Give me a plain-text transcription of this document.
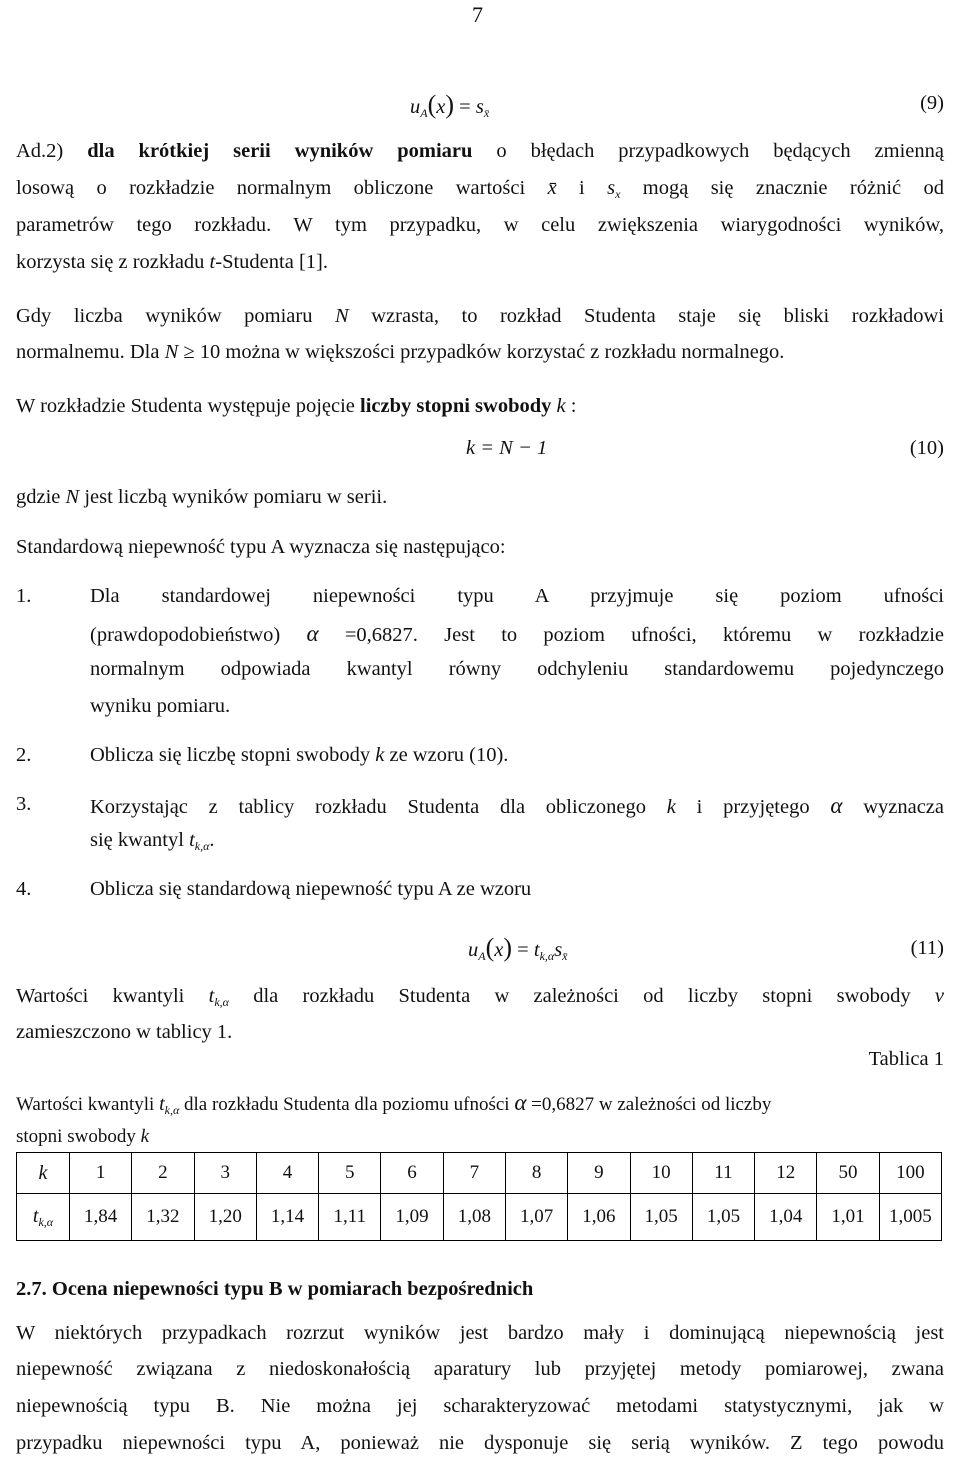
7
$u_A(x) = s_{x̄}$	(9)
Ad.2) dla krótkiej serii wyników pomiaru o błędach przypadkowych będących zmienną
losową o rozkładzie normalnym obliczone wartości x̄ i $s_x$ mogą się znacznie różnić od
parametrów tego rozkładu. W tym przypadku, w celu zwiększenia wiarygodności wyników,
korzysta się z rozkładu t-Studenta [1].
Gdy liczba wyników pomiaru N wzrasta, to rozkład Studenta staje się bliski rozkładowi
normalnemu. Dla N ≥ 10 można w większości przypadków korzystać z rozkładu normalnego.
W rozkładzie Studenta występuje pojęcie liczby stopni swobody k :
k = N − 1	(10)
gdzie N jest liczbą wyników pomiaru w serii.
Standardową niepewność typu A wyznacza się następująco:
1.	Dla standardowej niepewności typu A przyjmuje się poziom ufności
(prawdopodobieństwo) α =0,6827. Jest to poziom ufności, któremu w rozkładzie
normalnym odpowiada kwantyl równy odchyleniu standardowemu pojedynczego
wyniku pomiaru.
2.	Oblicza się liczbę stopni swobody k ze wzoru (10).
3.	Korzystając z tablicy rozkładu Studenta dla obliczonego k i przyjętego α wyznacza
się kwantyl $t_{k,\alpha}$.
4.	Oblicza się standardową niepewność typu A ze wzoru
$u_A(x) = t_{k,\alpha}s_{x̄}$	(11)
Wartości kwantyli $t_{k,\alpha}$ dla rozkładu Studenta w zależności od liczby stopni swobody v
zamieszczono w tablicy 1.
Tablica 1
Wartości kwantyli $t_{k,\alpha}$ dla rozkładu Studenta dla poziomu ufności α =0,6827 w zależności od liczby
stopni swobody k
k	1	2	3	4	5	6	7	8	9	10	11	12	50	100
$t_{k,\alpha}$	1,84	1,32	1,20	1,14	1,11	1,09	1,08	1,07	1,06	1,05	1,05	1,04	1,01	1,005
2.7. Ocena niepewności typu B w pomiarach bezpośrednich
W niektórych przypadkach rozrzut wyników jest bardzo mały i dominującą niepewnością jest
niepewność związana z niedoskonałością aparatury lub przyjętej metody pomiarowej, zwana
niepewnością typu B. Nie można jej scharakteryzować metodami statystycznymi, jak w
przypadku niepewności typu A, ponieważ nie dysponuje się serią wyników. Z tego powodu
